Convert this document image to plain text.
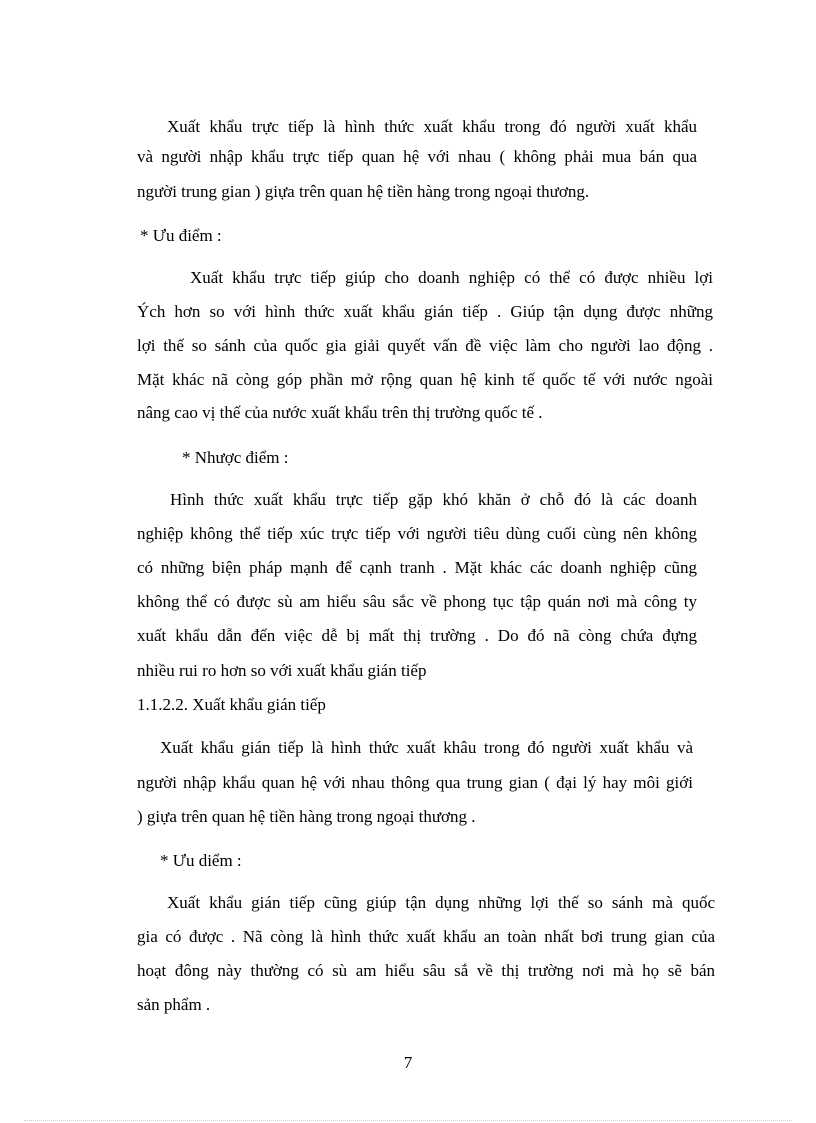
Xuất khẩu trực tiếp là hình thức xuất khẩu trong đó người xuất khẩu
và người nhập khẩu trực tiếp quan hệ với nhau ( không phải mua bán qua
người trung gian ) giựa trên quan hệ tiền hàng trong ngoại thương.
* Ưu điểm :
Xuất khẩu trực tiếp giúp cho doanh nghiệp có thể có được nhiều lợi
Ých hơn so với hình thức xuất khẩu gián tiếp . Giúp tận dụng được những
lợi thế so sánh của quốc gia giải quyết vấn đề việc làm cho người lao động .
Mặt khác nã còng góp phần mở rộng quan hệ kinh tế quốc tế với nước ngoài
nâng cao vị thế của nước xuất khẩu trên thị trường quốc tế .
* Nhược điểm :
Hình thức xuất khẩu trực tiếp gặp khó khăn ở chỗ đó là các doanh
nghiệp không thể tiếp xúc trực tiếp với người tiêu dùng cuối cùng nên không
có những biện pháp mạnh để cạnh tranh . Mặt khác các doanh nghiệp cũng
không thể có được sù am hiểu sâu sắc về phong tục tập quán nơi mà công ty
xuất khẩu dẫn đến việc dễ bị mất thị trường . Do đó nã còng chứa đựng
nhiều rui ro hơn so với xuất khẩu gián tiếp
1.1.2.2. Xuất khẩu gián tiếp
Xuất khẩu gián tiếp là hình thức xuất khâu trong đó người xuất khẩu và
người nhập khẩu quan hệ với nhau thông qua trung gian ( đại lý hay môi giới
) giựa trên quan hệ tiền hàng trong ngoại thương .
* Ưu diểm :
Xuất khẩu gián tiếp cũng giúp tận dụng những lợi thế so sánh mà quốc
gia có được . Nã còng là hình thức xuất khẩu an toàn nhất bơi trung gian của
hoạt đông này thường có sù am hiểu sâu sắ về thị trường nơi mà họ sẽ bán
sản phẩm .
7
